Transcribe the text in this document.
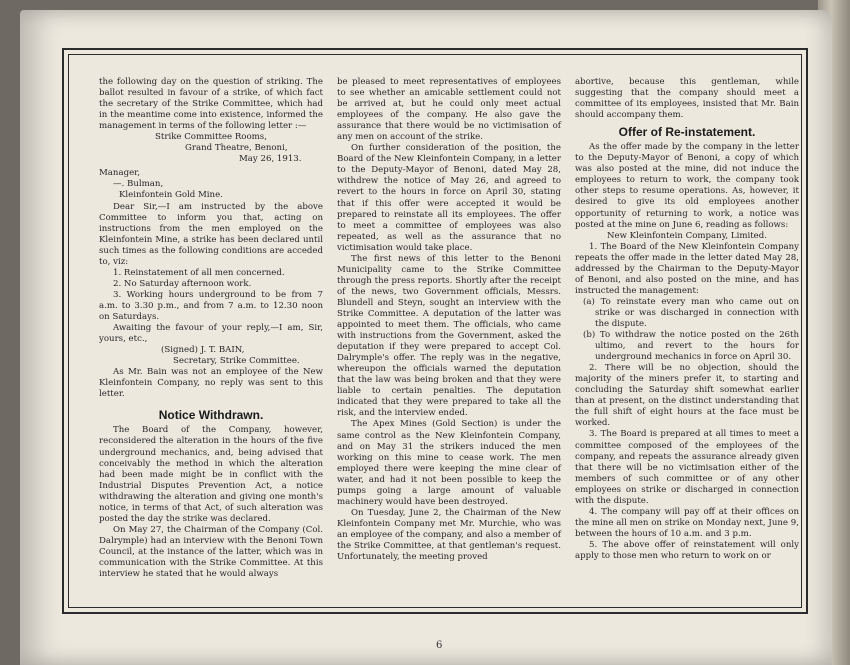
the following day on the question of striking. The ballot resulted in favour of a strike, of which fact the secretary of the Strike Committee, which had in the meantime come into existence, informed the management in terms of the following letter :—

Strike Committee Rooms,

Grand Theatre, Benoni,

May 26, 1913.

Manager,

—. Bulman,

Kleinfontein Gold Mine.

Dear Sir,—I am instructed by the above Committee to inform you that, acting on instructions from the men employed on the Kleinfontein Mine, a strike has been declared until such times as the following conditions are acceded to, viz:

1. Reinstatement of all men concerned.

2. No Saturday afternoon work.

3. Working hours underground to be from 7 a.m. to 3.30 p.m., and from 7 a.m. to 12.30 noon on Saturdays.

Awaiting the favour of your reply,—I am, Sir, yours, etc.,

(Signed) J. T. BAIN,

Secretary, Strike Committee.

As Mr. Bain was not an employee of the New Kleinfontein Company, no reply was sent to this letter.

Notice Withdrawn.

The Board of the Company, however, reconsidered the alteration in the hours of the five underground mechanics, and, being advised that conceivably the method in which the alteration had been made might be in conflict with the Industrial Disputes Prevention Act, a notice withdrawing the alteration and giving one month's notice, in terms of that Act, of such alteration was posted the day the strike was declared.

On May 27, the Chairman of the Company (Col. Dalrymple) had an interview with the Benoni Town Council, at the instance of the latter, which was in communication with the Strike Committee. At this interview he stated that he would always

be pleased to meet representatives of employees to see whether an amicable settlement could not be arrived at, but he could only meet actual employees of the company. He also gave the assurance that there would be no victimisation of any men on account of the strike.

On further consideration of the position, the Board of the New Kleinfontein Company, in a letter to the Deputy-Mayor of Benoni, dated May 28, withdrew the notice of May 26, and agreed to revert to the hours in force on April 30, stating that if this offer were accepted it would be prepared to reinstate all its employees. The offer to meet a committee of employees was also repeated, as well as the assurance that no victimisation would take place.

The first news of this letter to the Benoni Municipality came to the Strike Committee through the press reports. Shortly after the receipt of the news, two Government officials, Messrs. Blundell and Steyn, sought an interview with the Strike Committee. A deputation of the latter was appointed to meet them. The officials, who came with instructions from the Government, asked the deputation if they were prepared to accept Col. Dalrymple's offer. The reply was in the negative, whereupon the officials warned the deputation that the law was being broken and that they were liable to certain penalties. The deputation indicated that they were prepared to take all the risk, and the interview ended.

The Apex Mines (Gold Section) is under the same control as the New Kleinfontein Company, and on May 31 the strikers induced the men working on this mine to cease work. The men employed there were keeping the mine clear of water, and had it not been possible to keep the pumps going a large amount of valuable machinery would have been destroyed.

On Tuesday, June 2, the Chairman of the New Kleinfontein Company met Mr. Murchie, who was an employee of the company, and also a member of the Strike Committee, at that gentleman's request. Unfortunately, the meeting proved

abortive, because this gentleman, while suggesting that the company should meet a committee of its employees, insisted that Mr. Bain should accompany them.

Offer of Re-instatement.

As the offer made by the company in the letter to the Deputy-Mayor of Benoni, a copy of which was also posted at the mine, did not induce the employees to return to work, the company took other steps to resume operations. As, however, it desired to give its old employees another opportunity of returning to work, a notice was posted at the mine on June 6, reading as follows:

New Kleinfontein Company, Limited.

1. The Board of the New Kleinfontein Company repeats the offer made in the letter dated May 28, addressed by the Chairman to the Deputy-Mayor of Benoni, and also posted on the mine, and has instructed the management:

(a) To reinstate every man who came out on strike or was discharged in connection with the dispute.

(b) To withdraw the notice posted on the 26th ultimo, and revert to the hours for underground mechanics in force on April 30.

2. There will be no objection, should the majority of the miners prefer it, to starting and concluding the Saturday shift somewhat earlier than at present, on the distinct understanding that the full shift of eight hours at the face must be worked.

3. The Board is prepared at all times to meet a committee composed of the employees of the company, and repeats the assurance already given that there will be no victimisation either of the members of such committee or of any other employees on strike or discharged in connection with the dispute.

4. The company will pay off at their offices on the mine all men on strike on Monday next, June 9, between the hours of 10 a.m. and 3 p.m.

5. The above offer of reinstatement will only apply to those men who return to work on or

6
